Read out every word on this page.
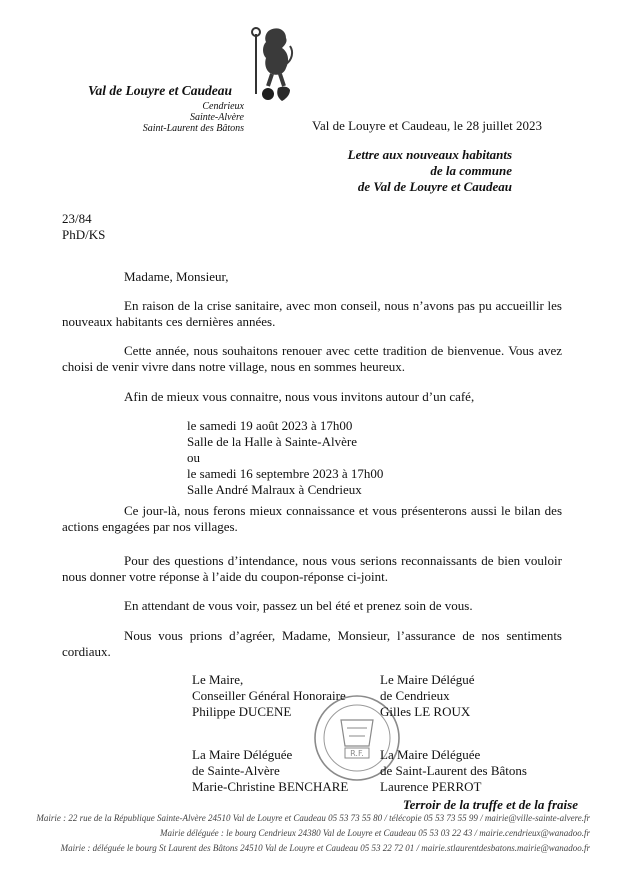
Val de Louyre et Caudeau
Cendrieux
Sainte-Alvère
Saint-Laurent des Bâtons	Val de Louyre et Caudeau, le 28 juillet 2023
Lettre aux nouveaux habitants
de la commune
de Val de Louyre et Caudeau
23/84
PhD/KS
Madame, Monsieur,
En raison de la crise sanitaire, avec mon conseil, nous n’avons pas pu accueillir les nouveaux habitants ces dernières années.
Cette année, nous souhaitons renouer avec cette tradition de bienvenue. Vous avez choisi de venir vivre dans notre village, nous en sommes heureux.
Afin de mieux vous connaitre, nous vous invitons autour d’un café,
le samedi 19 août 2023 à 17h00
Salle de la Halle à Sainte-Alvère
ou
le samedi 16 septembre 2023 à 17h00
Salle André Malraux à Cendrieux
Ce jour-là, nous ferons mieux connaissance et vous présenterons aussi le bilan des actions engagées par nos villages.
Pour des questions d’intendance, nous vous serions reconnaissants de bien vouloir nous donner votre réponse à l’aide du coupon-réponse ci-joint.
En attendant de vous voir, passez un bel été et prenez soin de vous.
Nous vous prions d’agréer, Madame, Monsieur, l’assurance de nos sentiments cordiaux.
R.F.
Le Maire,
Conseiller Général Honoraire
Philippe DUCENE
Le Maire Délégué
de Cendrieux
Gilles LE ROUX
La Maire Déléguée
de Sainte-Alvère
Marie-Christine BENCHARE
La Maire Déléguée
de Saint-Laurent des Bâtons
Laurence PERROT
Terroir de la truffe et de la fraise
Mairie : 22 rue de la République Sainte-Alvère 24510 Val de Louyre et Caudeau 05 53 73 55 80 / télécopie 05 53 73 55 99 / mairie@ville-sainte-alvere.fr
Mairie déléguée : le bourg Cendrieux 24380 Val de Louyre et Caudeau 05 53 03 22 43 / mairie.cendrieux@wanadoo.fr
Mairie : déléguée le bourg St Laurent des Bâtons 24510 Val de Louyre et Caudeau 05 53 22 72 01 / mairie.stlaurentdesbatons.mairie@wanadoo.fr
